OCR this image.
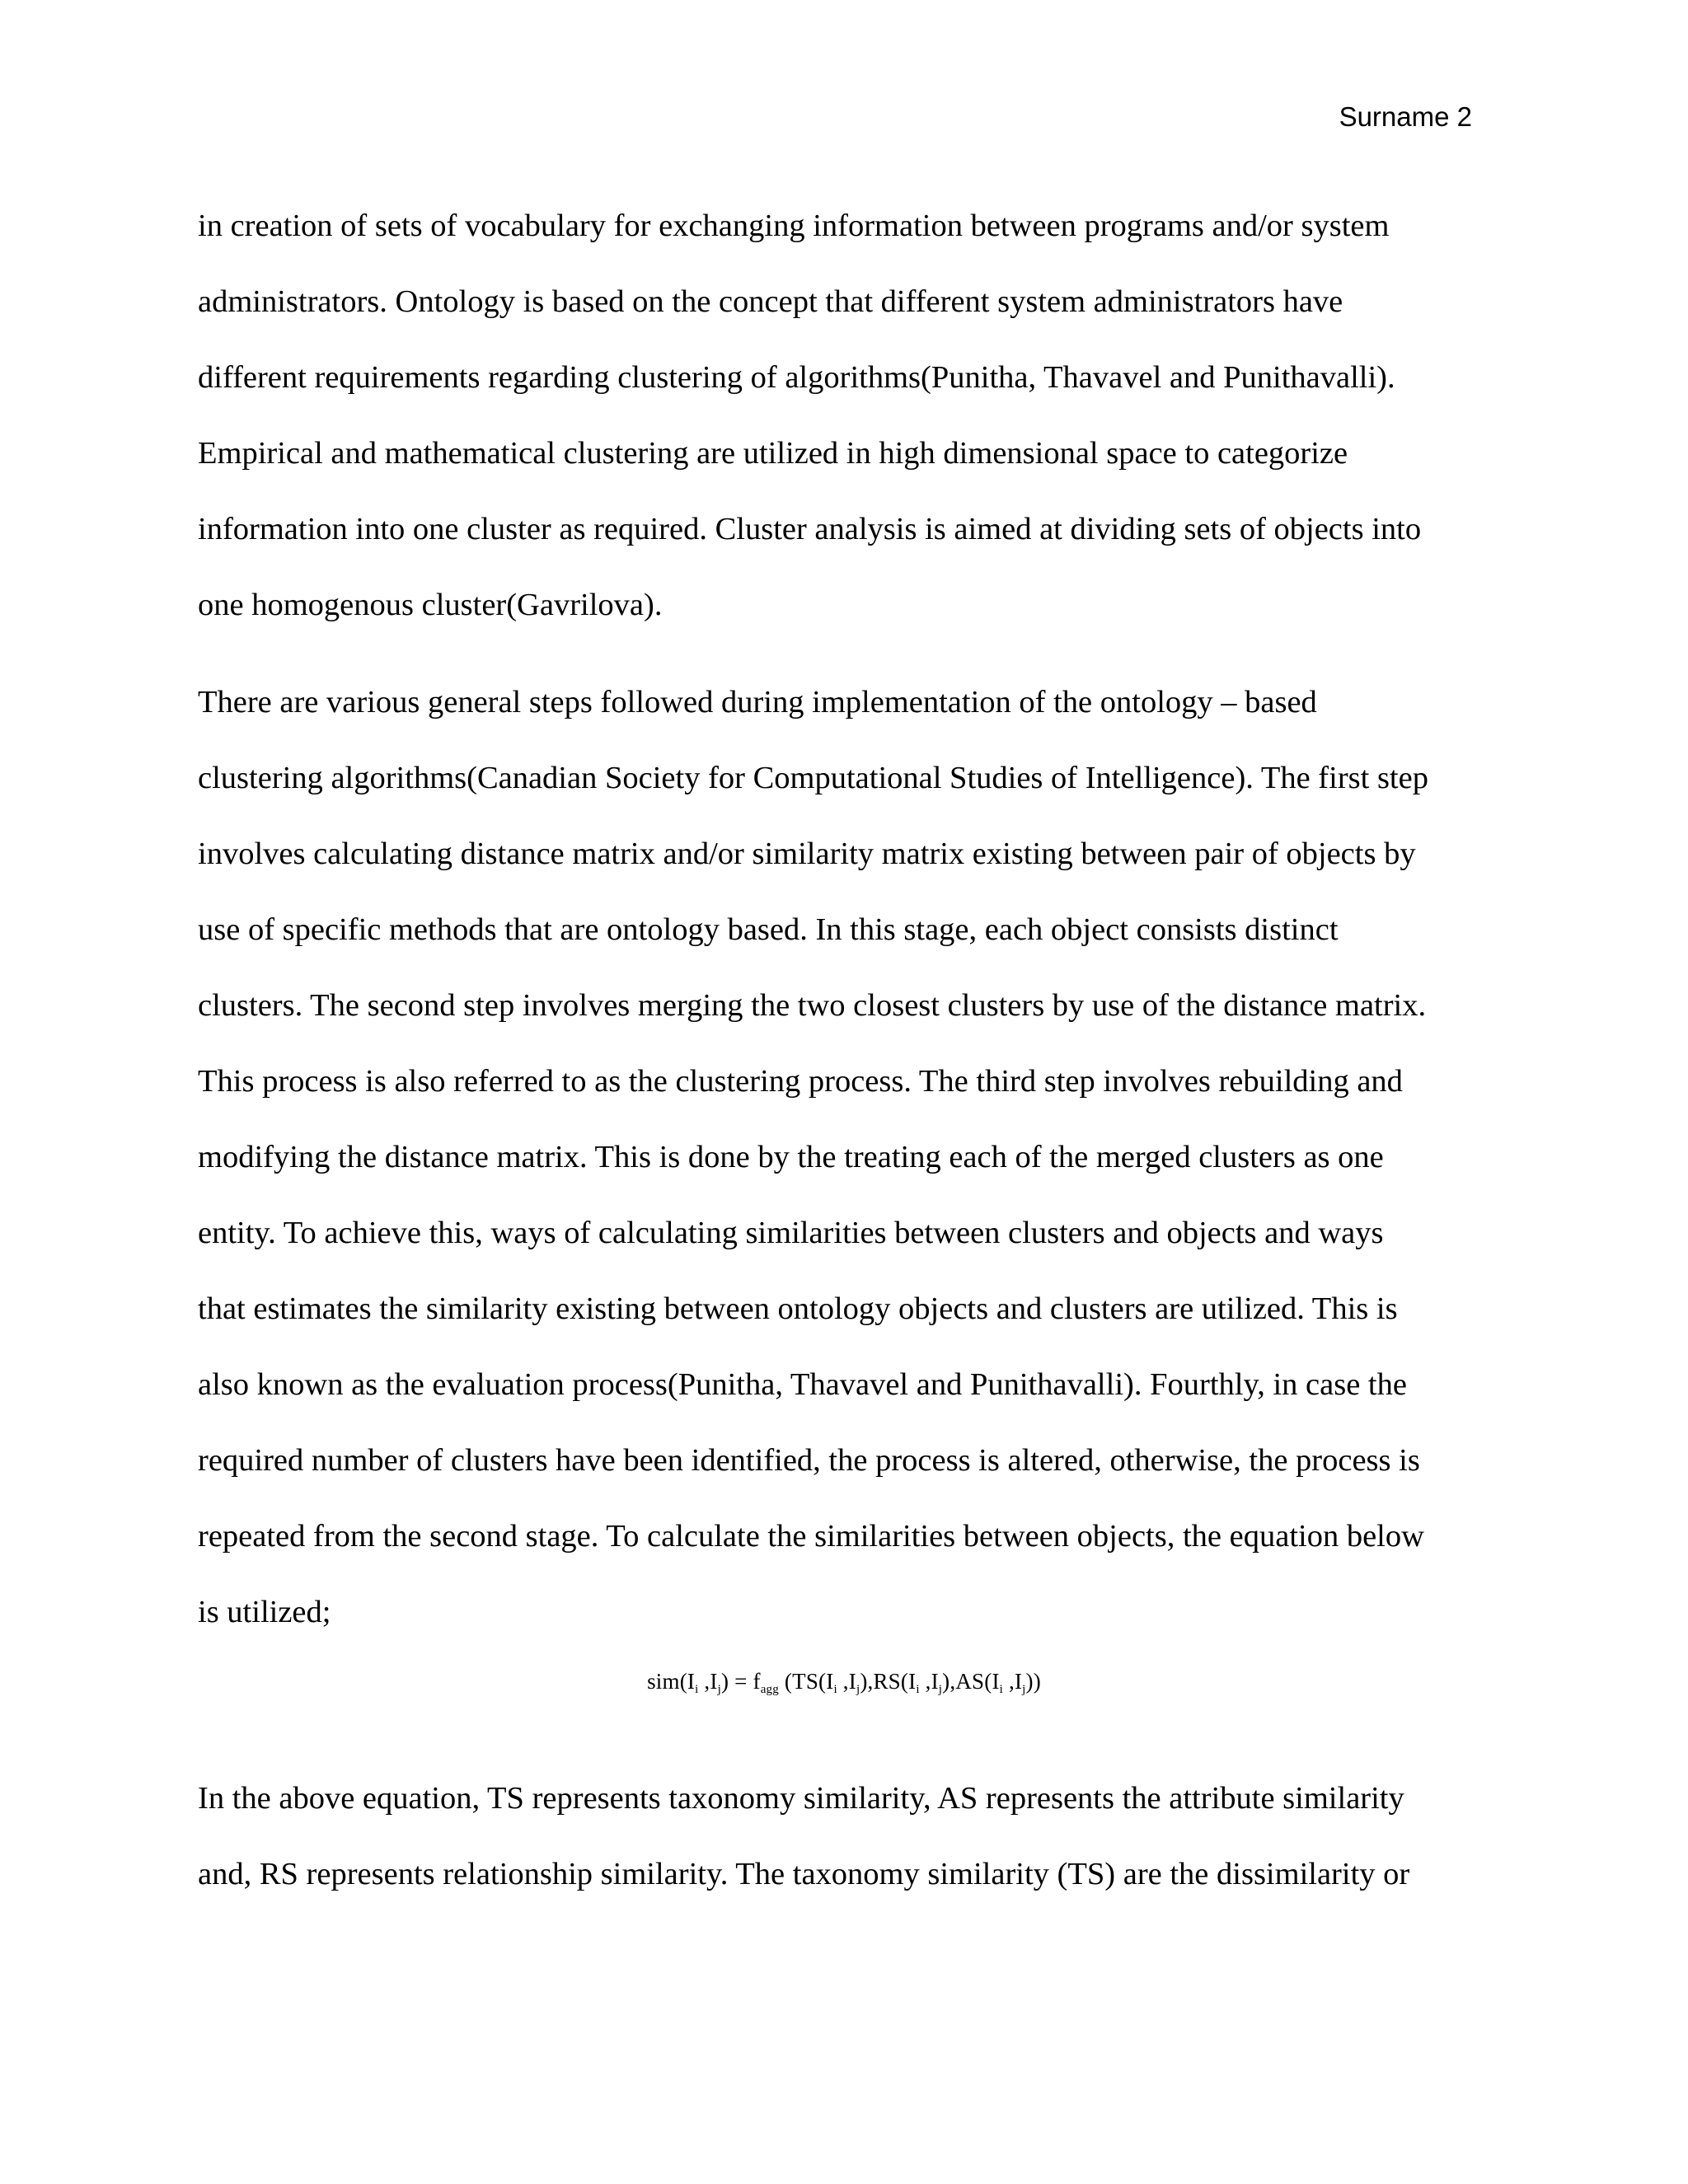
Surname 2

in creation of sets of vocabulary for exchanging information between programs and/or system
administrators. Ontology is based on the concept that different system administrators have
different requirements regarding clustering of algorithms(Punitha, Thavavel and Punithavalli).
Empirical and mathematical clustering are utilized in high dimensional space to categorize
information into one cluster as required. Cluster analysis is aimed at dividing sets of objects into
one homogenous cluster(Gavrilova).

There are various general steps followed during implementation of the ontology – based
clustering algorithms(Canadian Society for Computational Studies of Intelligence). The first step
involves calculating distance matrix and/or similarity matrix existing between pair of objects by
use of specific methods that are ontology based. In this stage, each object consists distinct
clusters. The second step involves merging the two closest clusters by use of the distance matrix.
This process is also referred to as the clustering process. The third step involves rebuilding and
modifying the distance matrix. This is done by the treating each of the merged clusters as one
entity. To achieve this, ways of calculating similarities between clusters and objects and ways
that estimates the similarity existing between ontology objects and clusters are utilized. This is
also known as the evaluation process(Punitha, Thavavel and Punithavalli). Fourthly, in case the
required number of clusters have been identified, the process is altered, otherwise, the process is
repeated from the second stage. To calculate the similarities between objects, the equation below
is utilized;

$sim(I_i$ $,I_j) = f_{agg}$ ($TS(I_i$ $,I_j),RS(I_i$ $,I_j),AS(I_i$ $,I_j$))
In the above equation, TS represents taxonomy similarity, AS represents the attribute similarity
and, RS represents relationship similarity. The taxonomy similarity (TS) are the dissimilarity or
